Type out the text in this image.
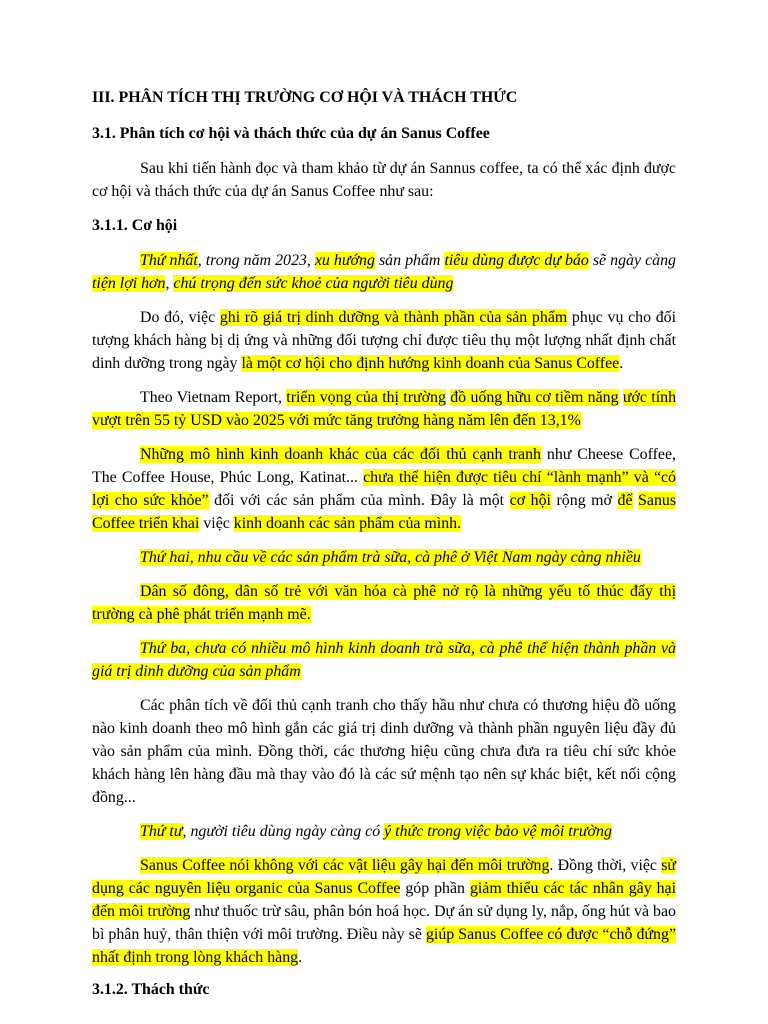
III. PHÂN TÍCH THỊ TRƯỜNG CƠ HỘI VÀ THÁCH THỨC
3.1. Phân tích cơ hội và thách thức của dự án Sanus Coffee

Sau khi tiến hành đọc và tham khảo từ dự án Sannus coffee, ta có thể xác định được cơ hội và thách thức của dự án Sanus Coffee như sau:

3.1.1. Cơ hội

Thứ nhất, trong năm 2023, xu hướng sản phẩm tiêu dùng được dự báo sẽ ngày càng tiện lợi hơn, chú trọng đến sức khoẻ của người tiêu dùng

Do đó, việc ghi rõ giá trị dinh dưỡng và thành phần của sản phẩm phục vụ cho đối tượng khách hàng bị dị ứng và những đối tượng chỉ được tiêu thụ một lượng nhất định chất dinh dưỡng trong ngày là một cơ hội cho định hướng kinh doanh của Sanus Coffee.

Theo Vietnam Report, triển vọng của thị trường đồ uống hữu cơ tiềm năng ước tính vượt trên 55 tỷ USD vào 2025 với mức tăng trưởng hàng năm lên đến 13,1%

Những mô hình kinh doanh khác của các đối thủ cạnh tranh như Cheese Coffee, The Coffee House, Phúc Long, Katinat... chưa thể hiện được tiêu chí “lành mạnh” và “có lợi cho sức khỏe” đối với các sản phẩm của mình. Đây là một cơ hội rộng mở để Sanus Coffee triển khai việc kinh doanh các sản phẩm của mình.

Thứ hai, nhu cầu về các sản phẩm trà sữa, cà phê ở Việt Nam ngày càng nhiều

Dân số đông, dân số trẻ với văn hóa cà phê nở rộ là những yếu tố thúc đẩy thị trường cà phê phát triển mạnh mẽ.

Thứ ba, chưa có nhiều mô hình kinh doanh trà sữa, cà phê thể hiện thành phần và giá trị dinh dưỡng của sản phẩm

Các phân tích về đối thủ cạnh tranh cho thấy hầu như chưa có thương hiệu đồ uống nào kinh doanh theo mô hình gắn các giá trị dinh dưỡng và thành phần nguyên liệu đầy đủ vào sản phẩm của mình. Đồng thời, các thương hiệu cũng chưa đưa ra tiêu chí sức khỏe khách hàng lên hàng đầu mà thay vào đó là các sứ mệnh tạo nên sự khác biệt, kết nối cộng đồng...

Thứ tư, người tiêu dùng ngày càng có ý thức trong việc bảo vệ môi trường

Sanus Coffee nói không với các vật liệu gây hại đến môi trường. Đồng thời, việc sử dụng các nguyên liệu organic của Sanus Coffee góp phần giảm thiểu các tác nhân gây hại đến môi trường như thuốc trừ sâu, phân bón hoá học. Dự án sử dụng ly, nắp, ống hút và bao bì phân huỷ, thân thiện với môi trường. Điều này sẽ giúp Sanus Coffee có được “chỗ đứng” nhất định trong lòng khách hàng.

3.1.2. Thách thức
